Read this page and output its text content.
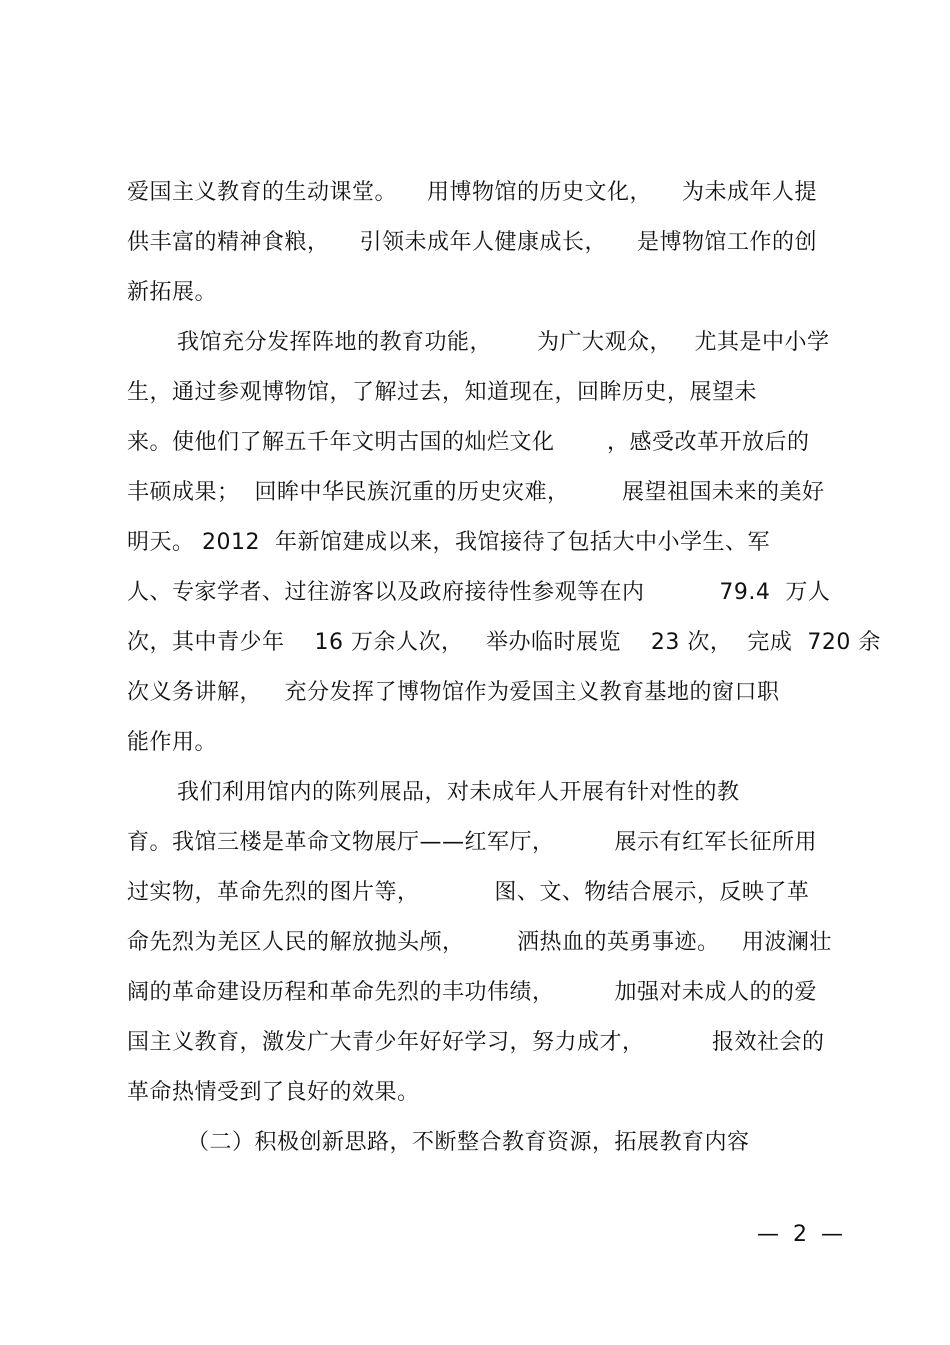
爱国主义教育的生动课堂。    用博物馆的历史文化，    为未成年人提
供丰富的精神食粮，    引领未成年人健康成长，    是博物馆工作的创
新拓展。
我馆充分发挥阵地的教育功能，      为广大观众，   尤其是中小学
生，通过参观博物馆，了解过去，知道现在，回眸历史，展望未
来。使他们了解五千年文明古国的灿烂文化       ，感受改革开放后的
丰硕成果；  回眸中华民族沉重的历史灾难，       展望祖国未来的美好
明天。 2012  年新馆建成以来，我馆接待了包括大中小学生、军
人、专家学者、过往游客以及政府接待性参观等在内          79.4  万人
次，其中青少年    16 万余人次，   举办临时展览    23 次，  完成  720 余
次义务讲解，   充分发挥了博物馆作为爱国主义教育基地的窗口职
能作用。
我们利用馆内的陈列展品，对未成年人开展有针对性的教
育。我馆三楼是革命文物展厅——红军厅，        展示有红军长征所用
过实物，革命先烈的图片等，          图、文、物结合展示，反映了革
命先烈为羌区人民的解放抛头颅，       洒热血的英勇事迹。   用波澜壮
阔的革命建设历程和革命先烈的丰功伟绩，        加强对未成人的的爱
国主义教育，激发广大青少年好好学习，努力成才，         报效社会的
革命热情受到了良好的效果。
（二）积极创新思路，不断整合教育资源，拓展教育内容
—  2  —
